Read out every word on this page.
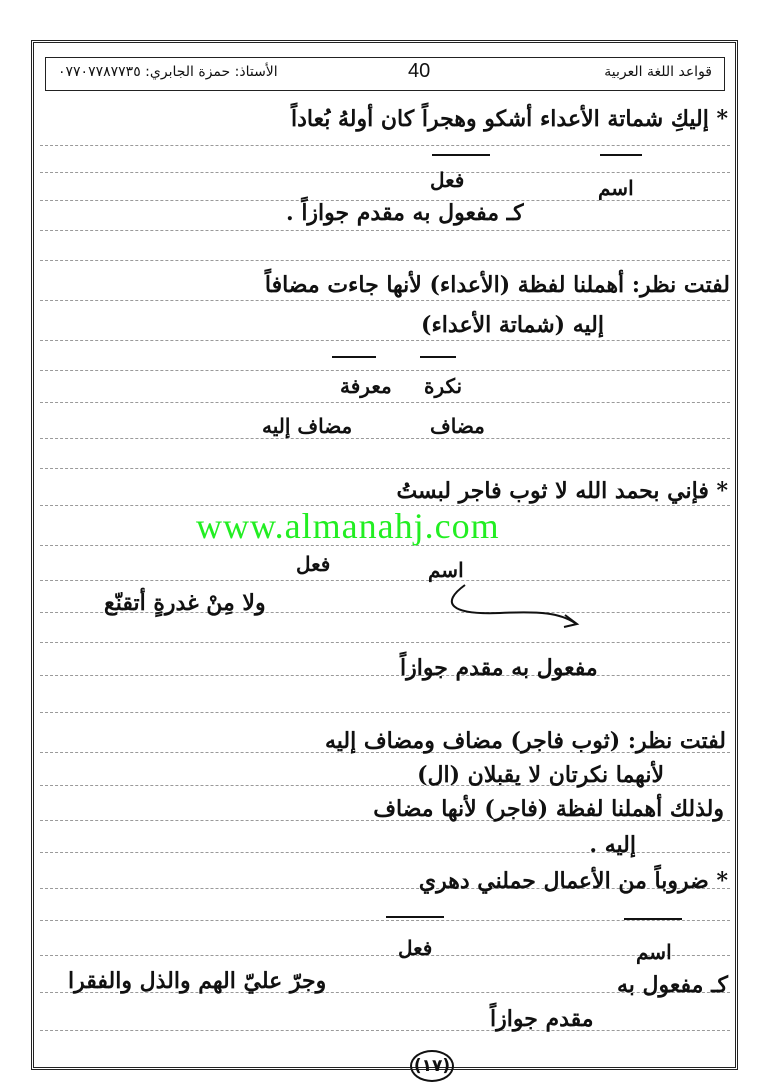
قواعد اللغة العربية
40
الأستاذ: حمزة الجابري: ٠٧٧٠٧٧٨٧٧٣٥
* إليكِ شماتة الأعداء أشكو وهجراً كان أولهُ بُعاداً
اسم
فعل
كـ مفعول به مقدم جوازاً .
لفتت نظر: أهملنا لفظة (الأعداء) لأنها جاءت مضافاً
إليه (شماتة الأعداء)
نكرة
معرفة
مضاف
مضاف إليه
* فإني بحمد الله لا ثوب فاجر لبستُ
www.almanahj.com
فعل	اسم
ولا مِنْ غدرةٍ أتقنّع
مفعول به مقدم جوازاً
لفتت نظر: (ثوب فاجر) مضاف ومضاف إليه
لأنهما نكرتان لا يقبلان (ال)
ولذلك أهملنا لفظة (فاجر) لأنها مضاف
إليه .
* ضروباً من الأعمال حملني دهري
فعل	اسم
كـ مفعول به
وجرّ عليّ الهم والذل والفقرا
مقدم جوازاً
(١٧)
